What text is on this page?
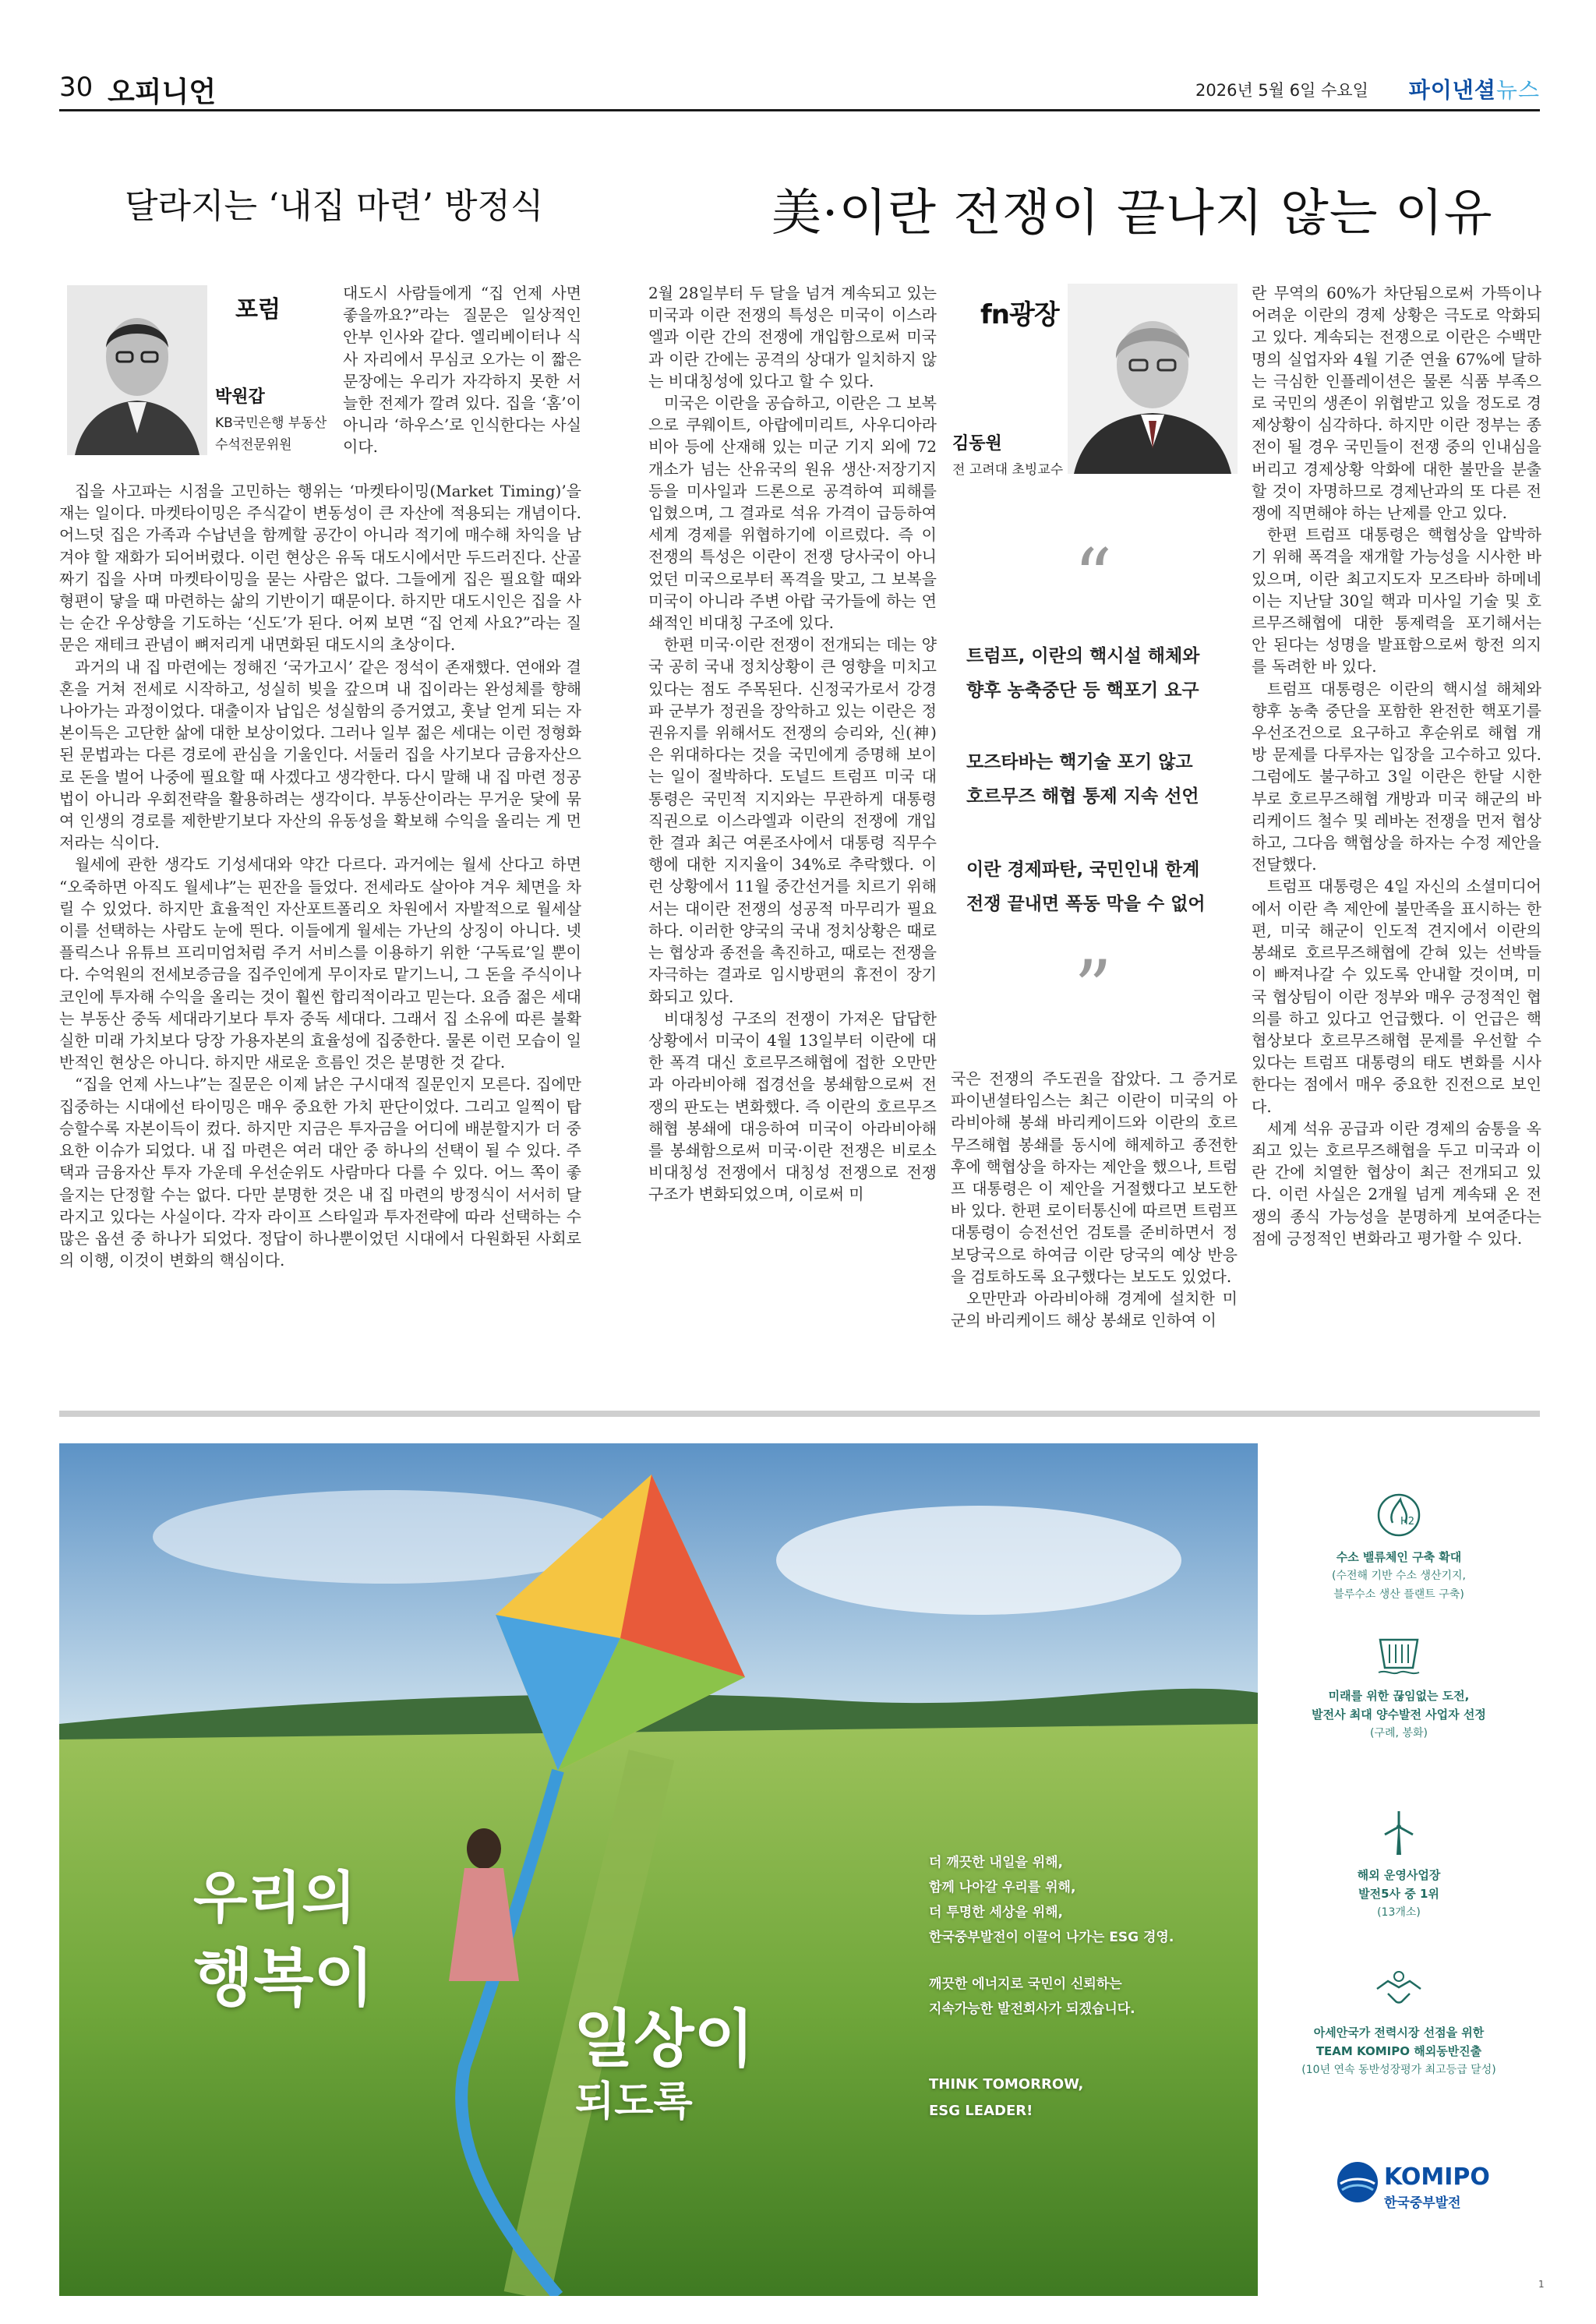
30 오피니언	2026년 5월 6일 수요일 파이낸셜뉴스
달라지는 ‘내집 마련’ 방정식	美·이란 전쟁이 끝나지 않는 이유
포럼
박원갑
KB국민은행 부동산
수석전문위원

대도시 사람들에게 “집 언제 사면 좋을까요?”라는 질문은 일상적인 안부 인사와 같다. 엘리베이터나 식사 자리에서 무심코 오가는 이 짧은 문장에는 우리가 자각하지 못한 서늘한 전제가 깔려 있다. 집을 ‘홈’이 아니라 ‘하우스’로 인식한다는 사실이다.

집을 사고파는 시점을 고민하는 행위는 ‘마켓타이밍(Market Timing)’을 재는 일이다. 마켓타이밍은 주식같이 변동성이 큰 자산에 적용되는 개념이다. 어느덧 집은 가족과 수납년을 함께할 공간이 아니라 적기에 매수해 차익을 남겨야 할 재화가 되어버렸다. 이런 현상은 유독 대도시에서만 두드러진다. 산골짜기 집을 사며 마켓타이밍을 묻는 사람은 없다. 그들에게 집은 필요할 때와 형편이 닿을 때 마련하는 삶의 기반이기 때문이다. 하지만 대도시인은 집을 사는 순간 우상향을 기도하는 ‘신도’가 된다. 어찌 보면 “집 언제 사요?”라는 질문은 재테크 관념이 뼈저리게 내면화된 대도시의 초상이다.

과거의 내 집 마련에는 정해진 ‘국가고시’ 같은 정석이 존재했다. 연애와 결혼을 거쳐 전세로 시작하고, 성실히 빚을 갚으며 내 집이라는 완성체를 향해 나아가는 과정이었다. 대출이자 납입은 성실함의 증거였고, 훗날 얻게 되는 자본이득은 고단한 삶에 대한 보상이었다. 그러나 일부 젊은 세대는 이런 정형화된 문법과는 다른 경로에 관심을 기울인다. 서둘러 집을 사기보다 금융자산으로 돈을 벌어 나중에 필요할 때 사겠다고 생각한다. 다시 말해 내 집 마련 정공법이 아니라 우회전략을 활용하려는 생각이다. 부동산이라는 무거운 닻에 묶여 인생의 경로를 제한받기보다 자산의 유동성을 확보해 수익을 올리는 게 먼저라는 식이다.

월세에 관한 생각도 기성세대와 약간 다르다. 과거에는 월세 산다고 하면 “오죽하면 아직도 월세냐”는 핀잔을 들었다. 전세라도 살아야 겨우 체면을 차릴 수 있었다. 하지만 효율적인 자산포트폴리오 차원에서 자발적으로 월세살이를 선택하는 사람도 눈에 띈다. 이들에게 월세는 가난의 상징이 아니다. 넷플릭스나 유튜브 프리미엄처럼 주거 서비스를 이용하기 위한 ‘구독료’일 뿐이다. 수억원의 전세보증금을 집주인에게 무이자로 맡기느니, 그 돈을 주식이나 코인에 투자해 수익을 올리는 것이 훨씬 합리적이라고 믿는다. 요즘 젊은 세대는 부동산 중독 세대라기보다 투자 중독 세대다. 그래서 집 소유에 따른 불확실한 미래 가치보다 당장 가용자본의 효율성에 집중한다. 물론 이런 모습이 일반적인 현상은 아니다. 하지만 새로운 흐름인 것은 분명한 것 같다.

“집을 언제 사느냐”는 질문은 이제 낡은 구시대적 질문인지 모른다. 집에만 집중하는 시대에선 타이밍은 매우 중요한 가치 판단이었다. 그리고 일찍이 탑승할수록 자본이득이 컸다. 하지만 지금은 투자금을 어디에 배분할지가 더 중요한 이슈가 되었다. 내 집 마련은 여러 대안 중 하나의 선택이 될 수 있다. 주택과 금융자산 투자 가운데 우선순위도 사람마다 다를 수 있다. 어느 쪽이 좋을지는 단정할 수는 없다. 다만 분명한 것은 내 집 마련의 방정식이 서서히 달라지고 있다는 사실이다. 각자 라이프 스타일과 투자전략에 따라 선택하는 수많은 옵션 중 하나가 되었다. 정답이 하나뿐이었던 시대에서 다원화된 사회로의 이행, 이것이 변화의 핵심이다.

2월 28일부터 두 달을 넘겨 계속되고 있는 미국과 이란 전쟁의 특성은 미국이 이스라엘과 이란 간의 전쟁에 개입함으로써 미국과 이란 간에는 공격의 상대가 일치하지 않는 비대칭성에 있다고 할 수 있다.

미국은 이란을 공습하고, 이란은 그 보복으로 쿠웨이트, 아랍에미리트, 사우디아라비아 등에 산재해 있는 미군 기지 외에 72개소가 넘는 산유국의 원유 생산·저장기지 등을 미사일과 드론으로 공격하여 피해를 입혔으며, 그 결과로 석유 가격이 급등하여 세계 경제를 위협하기에 이르렀다. 즉 이 전쟁의 특성은 이란이 전쟁 당사국이 아니었던 미국으로부터 폭격을 맞고, 그 보복을 미국이 아니라 주변 아랍 국가들에 하는 연쇄적인 비대칭 구조에 있다.

한편 미국·이란 전쟁이 전개되는 데는 양국 공히 국내 정치상황이 큰 영향을 미치고 있다는 점도 주목된다. 신정국가로서 강경파 군부가 정권을 장악하고 있는 이란은 정권유지를 위해서도 전쟁의 승리와, 신(神)은 위대하다는 것을 국민에게 증명해 보이는 일이 절박하다. 도널드 트럼프 미국 대통령은 국민적 지지와는 무관하게 대통령 직권으로 이스라엘과 이란의 전쟁에 개입한 결과 최근 여론조사에서 대통령 직무수행에 대한 지지율이 34%로 추락했다. 이런 상황에서 11월 중간선거를 치르기 위해서는 대이란 전쟁의 성공적 마무리가 필요하다. 이러한 양국의 국내 정치상황은 때로는 협상과 종전을 촉진하고, 때로는 전쟁을 자극하는 결과로 임시방편의 휴전이 장기화되고 있다.

비대칭성 구조의 전쟁이 가져온 답답한 상황에서 미국이 4월 13일부터 이란에 대한 폭격 대신 호르무즈해협에 접한 오만만과 아라비아해 접경선을 봉쇄함으로써 전쟁의 판도는 변화했다. 즉 이란의 호르무즈해협 봉쇄에 대응하여 미국이 아라비아해를 봉쇄함으로써 미국·이란 전쟁은 비로소 비대칭성 전쟁에서 대칭성 전쟁으로 전쟁 구조가 변화되었으며, 이로써 미

fn광장
김동원
전 고려대 초빙교수
“
트럼프, 이란의 핵시설 해체와
향후 농축중단 등 핵포기 요구
모즈타바는 핵기술 포기 않고
호르무즈 해협 통제 지속 선언
이란 경제파탄, 국민인내 한계
전쟁 끝내면 폭동 막을 수 없어
”

국은 전쟁의 주도권을 잡았다. 그 증거로 파이낸셜타임스는 최근 이란이 미국의 아라비아해 봉쇄 바리케이드와 이란의 호르무즈해협 봉쇄를 동시에 해제하고 종전한 후에 핵협상을 하자는 제안을 했으나, 트럼프 대통령은 이 제안을 거절했다고 보도한 바 있다. 한편 로이터통신에 따르면 트럼프 대통령이 승전선언 검토를 준비하면서 정보당국으로 하여금 이란 당국의 예상 반응을 검토하도록 요구했다는 보도도 있었다.

오만만과 아라비아해 경계에 설치한 미군의 바리케이드 해상 봉쇄로 인하여 이

란 무역의 60%가 차단됨으로써 가뜩이나 어려운 이란의 경제 상황은 극도로 악화되고 있다. 계속되는 전쟁으로 이란은 수백만명의 실업자와 4월 기준 연율 67%에 달하는 극심한 인플레이션은 물론 식품 부족으로 국민의 생존이 위협받고 있을 정도로 경제상황이 심각하다. 하지만 이란 정부는 종전이 될 경우 국민들이 전쟁 중의 인내심을 버리고 경제상황 악화에 대한 불만을 분출할 것이 자명하므로 경제난과의 또 다른 전쟁에 직면해야 하는 난제를 안고 있다.

한편 트럼프 대통령은 핵협상을 압박하기 위해 폭격을 재개할 가능성을 시사한 바 있으며, 이란 최고지도자 모즈타바 하메네이는 지난달 30일 핵과 미사일 기술 및 호르무즈해협에 대한 통제력을 포기해서는 안 된다는 성명을 발표함으로써 항전 의지를 독려한 바 있다.

트럼프 대통령은 이란의 핵시설 해체와 향후 농축 중단을 포함한 완전한 핵포기를 우선조건으로 요구하고 후순위로 해협 개방 문제를 다루자는 입장을 고수하고 있다. 그럼에도 불구하고 3일 이란은 한달 시한부로 호르무즈해협 개방과 미국 해군의 바리케이드 철수 및 레바논 전쟁을 먼저 협상하고, 그다음 핵협상을 하자는 수정 제안을 전달했다.

트럼프 대통령은 4일 자신의 소셜미디어에서 이란 측 제안에 불만족을 표시하는 한편, 미국 해군이 인도적 견지에서 이란의 봉쇄로 호르무즈해협에 갇혀 있는 선박들이 빠져나갈 수 있도록 안내할 것이며, 미국 협상팀이 이란 정부와 매우 긍정적인 협의를 하고 있다고 언급했다. 이 언급은 핵협상보다 호르무즈해협 문제를 우선할 수 있다는 트럼프 대통령의 태도 변화를 시사한다는 점에서 매우 중요한 진전으로 보인다.

세계 석유 공급과 이란 경제의 숨통을 옥죄고 있는 호르무즈해협을 두고 미국과 이란 간에 치열한 협상이 최근 전개되고 있다. 이런 사실은 2개월 넘게 계속돼 온 전쟁의 종식 가능성을 분명하게 보여준다는 점에 긍정적인 변화라고 평가할 수 있다.

우리의
행복이
일상이
되도록
더 깨끗한 내일을 위해,
함께 나아갈 우리를 위해,
더 투명한 세상을 위해,
한국중부발전이 이끌어 나가는 ESG 경영.
깨끗한 에너지로 국민이 신뢰하는
지속가능한 발전회사가 되겠습니다.
THINK TOMORROW,
ESG LEADER!
H2
수소 밸류체인 구축 확대
(수전해 기반 수소 생산기지,
블루수소 생산 플랜트 구축)
미래를 위한 끊임없는 도전,
발전사 최대 양수발전 사업자 선정
(구례, 봉화)
해외 운영사업장
발전5사 중 1위
(13개소)
아세안국가 전력시장 선점을 위한
TEAM KOMIPO 해외동반진출
(10년 연속 동반성장평가 최고등급 달성)
KOMIPO
한국중부발전
1
